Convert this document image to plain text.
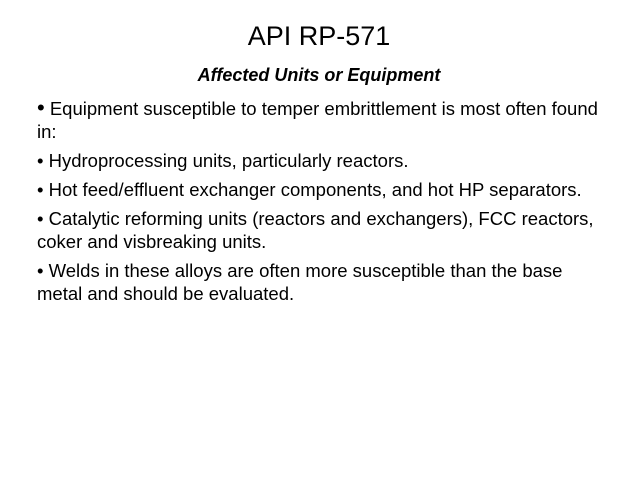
API RP-571
Affected Units or Equipment

• Equipment susceptible to temper embrittlement is most often found in:

• Hydroprocessing units, particularly reactors.

• Hot feed/effluent exchanger components, and hot HP separators.

• Catalytic reforming units (reactors and exchangers), FCC reactors, coker and visbreaking units.

• Welds in these alloys are often more susceptible than the base metal and should be evaluated.
